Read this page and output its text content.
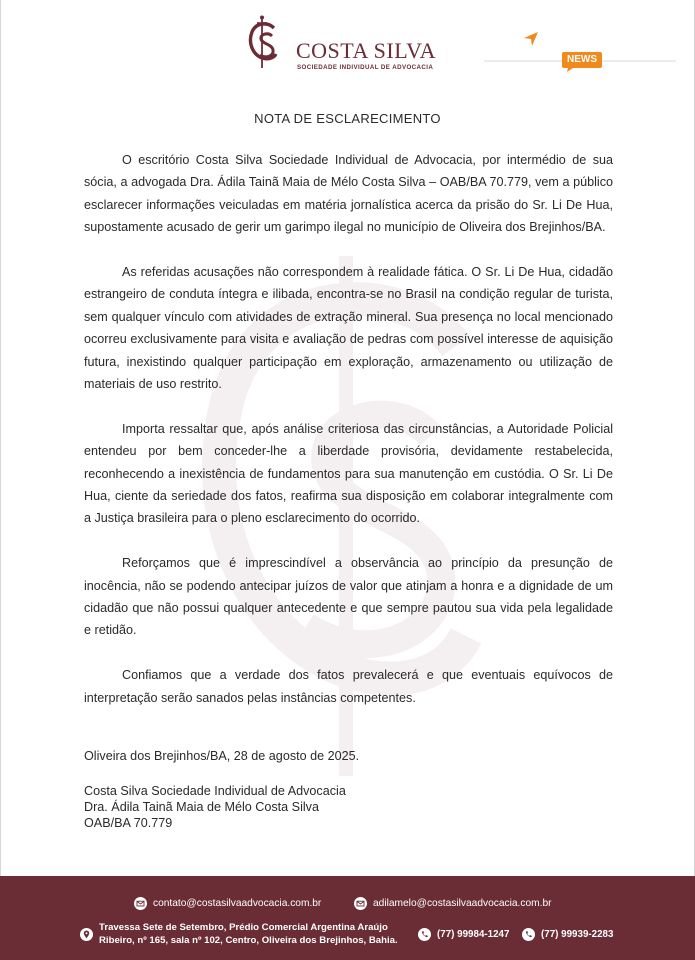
COSTA SILVA
SOCIEDADE INDIVIDUAL DE ADVOCACIA
NEWS
NOTA DE ESCLARECIMENTO

O escritório Costa Silva Sociedade Individual de Advocacia, por intermédio de sua sócia, a advogada Dra. Ádila Tainã Maia de Mélo Costa Silva – OAB/BA 70.779, vem a público esclarecer informações veiculadas em matéria jornalística acerca da prisão do Sr. Li De Hua, supostamente acusado de gerir um garimpo ilegal no município de Oliveira dos Brejinhos/BA.

As referidas acusações não correspondem à realidade fática. O Sr. Li De Hua, cidadão estrangeiro de conduta íntegra e ilibada, encontra-se no Brasil na condição regular de turista, sem qualquer vínculo com atividades de extração mineral. Sua presença no local mencionado ocorreu exclusivamente para visita e avaliação de pedras com possível interesse de aquisição futura, inexistindo qualquer participação em exploração, armazenamento ou utilização de materiais de uso restrito.

Importa ressaltar que, após análise criteriosa das circunstâncias, a Autoridade Policial entendeu por bem conceder-lhe a liberdade provisória, devidamente restabelecida, reconhecendo a inexistência de fundamentos para sua manutenção em custódia. O Sr. Li De Hua, ciente da seriedade dos fatos, reafirma sua disposição em colaborar integralmente com a Justiça brasileira para o pleno esclarecimento do ocorrido.

Reforçamos que é imprescindível a observância ao princípio da presunção de inocência, não se podendo antecipar juízos de valor que atinjam a honra e a dignidade de um cidadão que não possui qualquer antecedente e que sempre pautou sua vida pela legalidade e retidão.

Confiamos que a verdade dos fatos prevalecerá e que eventuais equívocos de interpretação serão sanados pelas instâncias competentes.

Oliveira dos Brejinhos/BA, 28 de agosto de 2025.
Costa Silva Sociedade Individual de Advocacia
Dra. Ádila Tainã Maia de Mélo Costa Silva
OAB/BA 70.779
contato@costasilvaadvocacia.com.br	adilamelo@costasilvaadvocacia.com.br
Travessa Sete de Setembro, Prédio Comercial Argentina Araújo
Ribeiro, nº 165, sala nº 102, Centro, Oliveira dos Brejinhos, Bahia.
(77) 99984-1247	(77) 99939-2283
